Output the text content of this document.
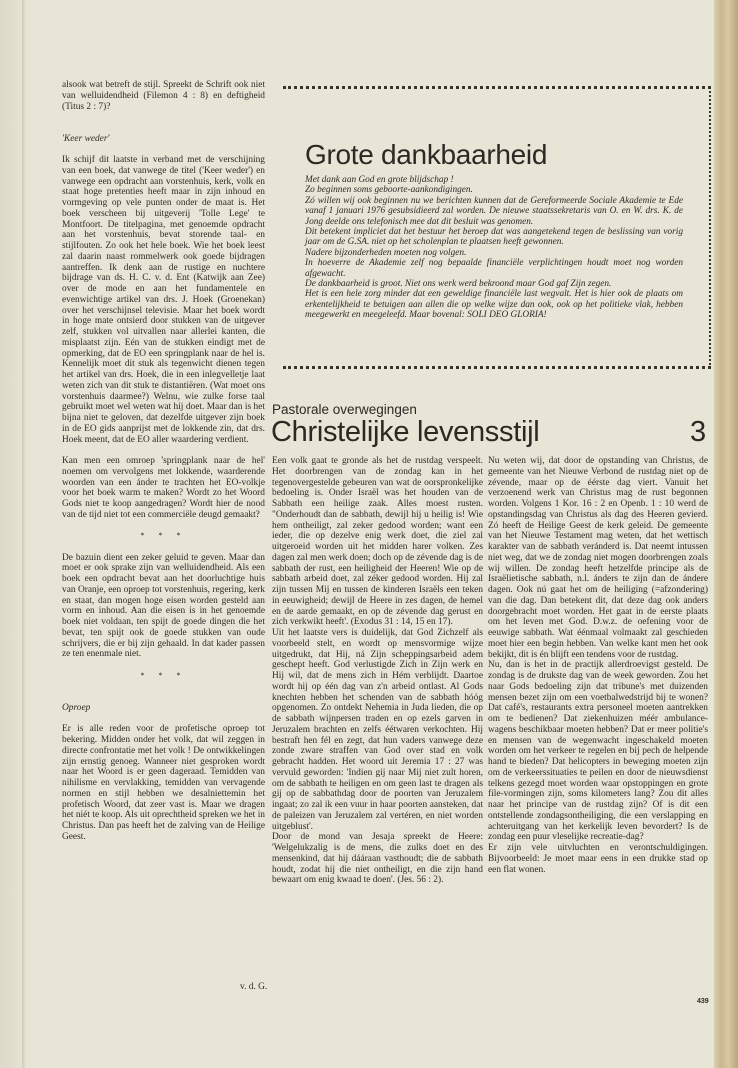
alsook wat betreft de stijl. Spreekt de Schrift ook niet van welluidendheid (Filemon 4 : 8) en deftigheid (Titus 2 : 7)?

'Keer weder'

Ik schijf dit laatste in verband met de verschijning van een boek, dat vanwege de titel ('Keer weder') en vanwege een opdracht aan vorstenhuis, kerk, volk en staat hoge pretenties heeft maar in zijn inhoud en vormgeving op vele punten onder de maat is. Het boek verscheen bij uitgeverij 'Tolle Lege' te Montfoort. De titelpagina, met genoemde opdracht aan het vorstenhuis, bevat storende taal- en stijlfouten. Zo ook het hele boek. Wie het boek leest zal daarin naast rommelwerk ook goede bijdragen aantreffen. Ik denk aan de rustige en nuchtere bijdrage van ds. H. C. v. d. Ent (Katwijk aan Zee) over de mode en aan het fundamentele en evenwichtige artikel van drs. J. Hoek (Groenekan) over het verschijnsel televisie. Maar het boek wordt in hoge mate ontsierd door stukken van de uitgever zelf, stukken vol uitvallen naar allerlei kanten, die misplaatst zijn. Eén van de stukken eindigt met de opmerking, dat de EO een springplank naar de hel is. Kennelijk moet dit stuk als tegenwicht dienen tegen het artikel van drs. Hoek, die in een inlegvelletje laat weten zich van dit stuk te distantiëren. (Wat moet ons vorstenhuis daarmee?) Welnu, wie zulke forse taal gebruikt moet wel weten wat hij doet. Maar dan is het bijna niet te geloven, dat dezelfde uitgever zijn boek in de EO gids aanprijst met de lokkende zin, dat drs. Hoek meent, dat de EO aller waardering verdient.

Kan men een omroep 'springplank naar de hel' noemen om vervolgens met lokkende, waarderende woorden van een ánder te trachten het EO-volkje voor het boek warm te maken? Wordt zo het Woord Gods niet te koop aangedragen? Wordt hier de nood van de tijd niet tot een commerciële deugd gemaakt?

* * *

De bazuin dient een zeker geluid te geven. Maar dan moet er ook sprake zijn van welluidendheid. Als een boek een opdracht bevat aan het doorluchtige huis van Oranje, een oproep tot vorstenhuis, regering, kerk en staat, dan mogen hoge eisen worden gesteld aan vorm en inhoud. Aan die eisen is in het genoemde boek niet voldaan, ten spijt de goede dingen die het bevat, ten spijt ook de goede stukken van oude schrijvers, die er bij zijn gehaald. In dat kader passen ze ten enenmale niet.

* * *

Oproep

Er is alle reden voor de profetische oproep tot bekering. Midden onder het volk, dat wil zeggen in directe confrontatie met het volk ! De ontwikkelingen zijn ernstig genoeg. Wanneer niet gesproken wordt naar het Woord is er geen dageraad. Temidden van nihilisme en vervlakking, temidden van vervagende normen en stijl hebben we desalniettemin het profetisch Woord, dat zeer vast is. Maar we dragen het niét te koop. Als uit oprechtheid spreken we het in Christus. Dan pas heeft het de zalving van de Heilige Geest.

v. d. G.
Grote dankbaarheid
Met dank aan God en grote blijdschap !
Zo beginnen soms geboorte-aankondigingen.
Zó willen wij ook beginnen nu we berichten kunnen dat de Gereformeerde Sociale Akademie te Ede vanaf 1 januari 1976 gesubsidieerd zal worden. De nieuwe staatssekretaris van O. en W. drs. K. de Jong deelde ons telefonisch mee dat dit besluit was genomen.
Dit betekent impliciet dat het bestuur het beroep dat was aangetekend tegen de beslissing van vorig jaar om de G.SA. niet op het scholenplan te plaatsen heeft gewonnen.
Nadere bijzonderheden moeten nog volgen.
In hoeverre de Akademie zelf nog bepaalde financiële verplichtingen houdt moet nog worden afgewacht.
De dankbaarheid is groot. Niet ons werk werd bekroond maar God gaf Zijn zegen.
Het is een hele zorg minder dat een geweldige financiële last wegvalt. Het is hier ook de plaats om erkentelijkheid te betuigen aan allen die op welke wijze dan ook, ook op het politieke vlak, hebben meegewerkt en meegeleefd. Maar bovenal: SOLI DEO GLORIA!
Pastorale overwegingen
Christelijke levensstijl	3

Een volk gaat te gronde als het de rustdag verspeelt. Het doorbrengen van de zondag kan in het tegenovergestelde gebeuren van wat de oorspronkelijke bedoeling is. Onder Israël was het houden van de Sabbath een heilige zaak. Alles moest rusten. "Onderhoudt dan de sabbath, dewijl hij u heilig is! Wie hem ontheiligt, zal zeker gedood worden; want een ieder, die op dezelve enig werk doet, die ziel zal uitgeroeid worden uit het midden harer volken. Zes dagen zal men werk doen; doch op de zévende dag is de sabbath der rust, een heiligheid der Heeren! Wie op de sabbath arbeid doet, zal zéker gedood worden. Hij zal zijn tussen Mij en tussen de kinderen Israëls een teken in eeuwigheid; dewijl de Heere in zes dagen, de hemel en de aarde gemaakt, en op de zévende dag gerust en zich verkwikt heeft'. (Exodus 31 : 14, 15 en 17).

Uit het laatste vers is duidelijk, dat God Zichzelf als voorbeeld stelt, en wordt op mensvormige wijze uitgedrukt, dat Hij, ná Zijn scheppingsarbeid adem geschept heeft. God verlustigde Zich in Zijn werk en Hij wil, dat de mens zich in Hém verblijdt. Daartoe wordt hij op één dag van z'n arbeid ontlast. Al Gods knechten hebben het schenden van de sabbath hóóg opgenomen. Zo ontdekt Nehemia in Juda lieden, die op de sabbath wijnpersen traden en op ezels garven in Jeruzalem brachten en zelfs éétwaren verkochten. Hij bestraft hen fél en zegt, dat hun vaders vanwege deze zonde zware straffen van God over stad en volk gebracht hadden. Het woord uit Jeremia 17 : 27 was vervuld geworden: 'Indien gij naar Mij niet zult horen, om de sabbath te heiligen en om geen last te dragen als gij op de sabbathdag door de poorten van Jeruzalem ingaat; zo zal ik een vuur in haar poorten aansteken, dat de paleizen van Jeruzalem zal vertéren, en niet worden uitgeblust'.

Door de mond van Jesaja spreekt de Heere: 'Welgelukzalig is de mens, die zulks doet en des mensenkind, dat hij dááraan vasthoudt; die de sabbath houdt, zodat hij die niet ontheiligt, en die zijn hand bewaart om enig kwaad te doen'. (Jes. 56 : 2).

Nu weten wij, dat door de opstanding van Christus, de gemeente van het Nieuwe Verbond de rustdag niet op de zévende, maar op de éérste dag viert. Vanuit het verzoenend werk van Christus mag de rust begonnen worden. Volgens 1 Kor. 16 : 2 en Openb. 1 : 10 werd de opstandingsdag van Christus als dag des Heeren gevierd. Zó heeft de Heilige Geest de kerk geleid. De gemeente van het Nieuwe Testament mag weten, dat het wettisch karakter van de sabbath veránderd is. Dat neemt intussen niet weg, dat we de zondag niet mogen doorbrengen zoals wij willen. De zondag heeft hetzelfde principe als de Israëlietische sabbath, n.l. ánders te zijn dan de ándere dagen. Ook nú gaat het om de heiliging (=afzondering) van die dag. Dan betekent dit, dat deze dag ook anders doorgebracht moet worden. Het gaat in de eerste plaats om het leven met God. D.w.z. de oefening voor de eeuwige sabbath. Wat éénmaal volmaakt zal geschieden moet hier een begin hebben. Van welke kant men het ook bekijkt, dit is én blijft een tendens voor de rustdag.

Nu, dan is het in de practijk allerdroevigst gesteld. De zondag is de drukste dag van de week geworden. Zou het naar Gods bedoeling zijn dat tribune's met duizenden mensen bezet zijn om een voetbalwedstrijd bij te wonen? Dat café's, restaurants extra personeel moeten aantrekken om te bedienen? Dat ziekenhuizen méér ambulance-wagens beschikbaar moeten hebben? Dat er meer politie's en mensen van de wegenwacht ingeschakeld moeten worden om het verkeer te regelen en bij pech de helpende hand te bieden? Dat helicopters in beweging moeten zijn om de verkeerssituaties te peilen en door de nieuwsdienst telkens gezegd moet worden waar opstoppingen en grote file-vormingen zijn, soms kilometers lang? Zou dit alles naar het principe van de rustdag zijn? Of is dit een ontstellende zondagsontheiliging, die een verslapping en achteruitgang van het kerkelijk leven bevordert? Is de zondag een puur vleselijke recreatie-dag?

Er zijn vele uitvluchten en verontschuldigingen. Bijvoorbeeld: Je moet maar eens in een drukke stad op een flat wonen.

439
